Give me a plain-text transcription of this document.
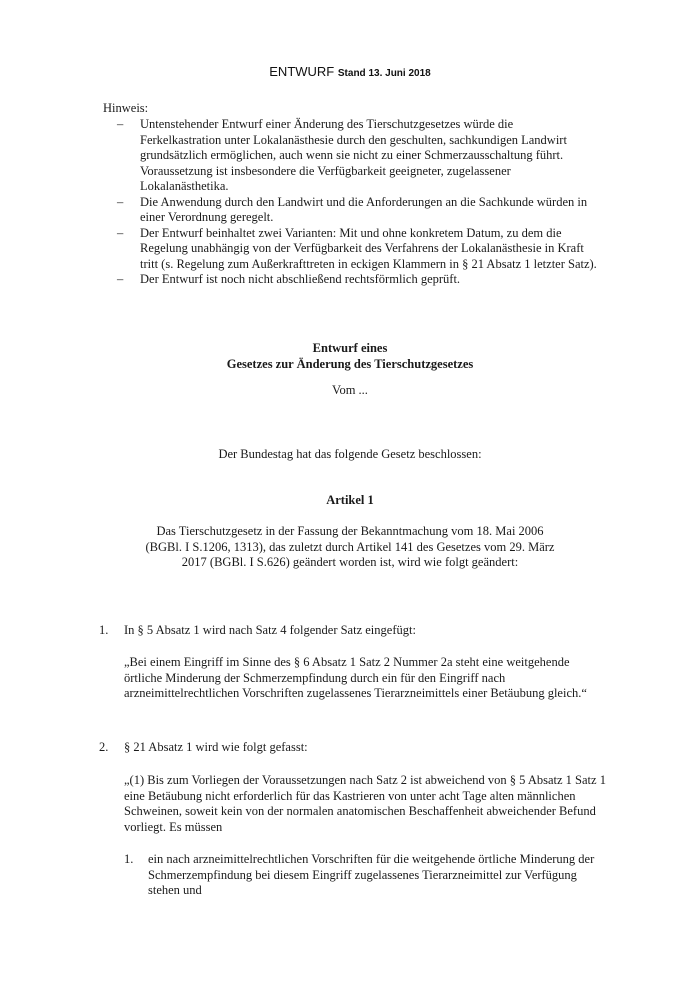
ENTWURF Stand 13. Juni 2018
Hinweis:
– Untenstehender Entwurf einer Änderung des Tierschutzgesetzes würde die Ferkelkastration unter Lokalanästhesie durch den geschulten, sachkundigen Landwirt grundsätzlich ermöglichen, auch wenn sie nicht zu einer Schmerzausschaltung führt. Voraussetzung ist insbesondere die Verfügbarkeit geeigneter, zugelassener Lokalanästhetika.
– Die Anwendung durch den Landwirt und die Anforderungen an die Sachkunde würden in einer Verordnung geregelt.
– Der Entwurf beinhaltet zwei Varianten: Mit und ohne konkretem Datum, zu dem die Regelung unabhängig von der Verfügbarkeit des Verfahrens der Lokalanästhesie in Kraft tritt (s. Regelung zum Außerkrafttreten in eckigen Klammern in § 21 Absatz 1 letzter Satz).
– Der Entwurf ist noch nicht abschließend rechtsförmlich geprüft.
Entwurf eines
Gesetzes zur Änderung des Tierschutzgesetzes
Vom ...
Der Bundestag hat das folgende Gesetz beschlossen:
Artikel 1
Das Tierschutzgesetz in der Fassung der Bekanntmachung vom 18. Mai 2006 (BGBl. I S.1206, 1313), das zuletzt durch Artikel 141 des Gesetzes vom 29. März 2017 (BGBl. I S.626) geändert worden ist, wird wie folgt geändert:
1.	In § 5 Absatz 1 wird nach Satz 4 folgender Satz eingefügt:
„Bei einem Eingriff im Sinne des § 6 Absatz 1 Satz 2 Nummer 2a steht eine weitgehende örtliche Minderung der Schmerzempfindung durch ein für den Eingriff nach arzneimittelrechtlichen Vorschriften zugelassenes Tierarzneimittels einer Betäubung gleich.“
2.	§ 21 Absatz 1 wird wie folgt gefasst:
„(1) Bis zum Vorliegen der Voraussetzungen nach Satz 2 ist abweichend von § 5 Absatz 1 Satz 1 eine Betäubung nicht erforderlich für das Kastrieren von unter acht Tage alten männlichen Schweinen, soweit kein von der normalen anatomischen Beschaffenheit abweichender Befund vorliegt. Es müssen
1. ein nach arzneimittelrechtlichen Vorschriften für die weitgehende örtliche Minderung der Schmerzempfindung bei diesem Eingriff zugelassenes Tierarzneimittel zur Verfügung stehen und
